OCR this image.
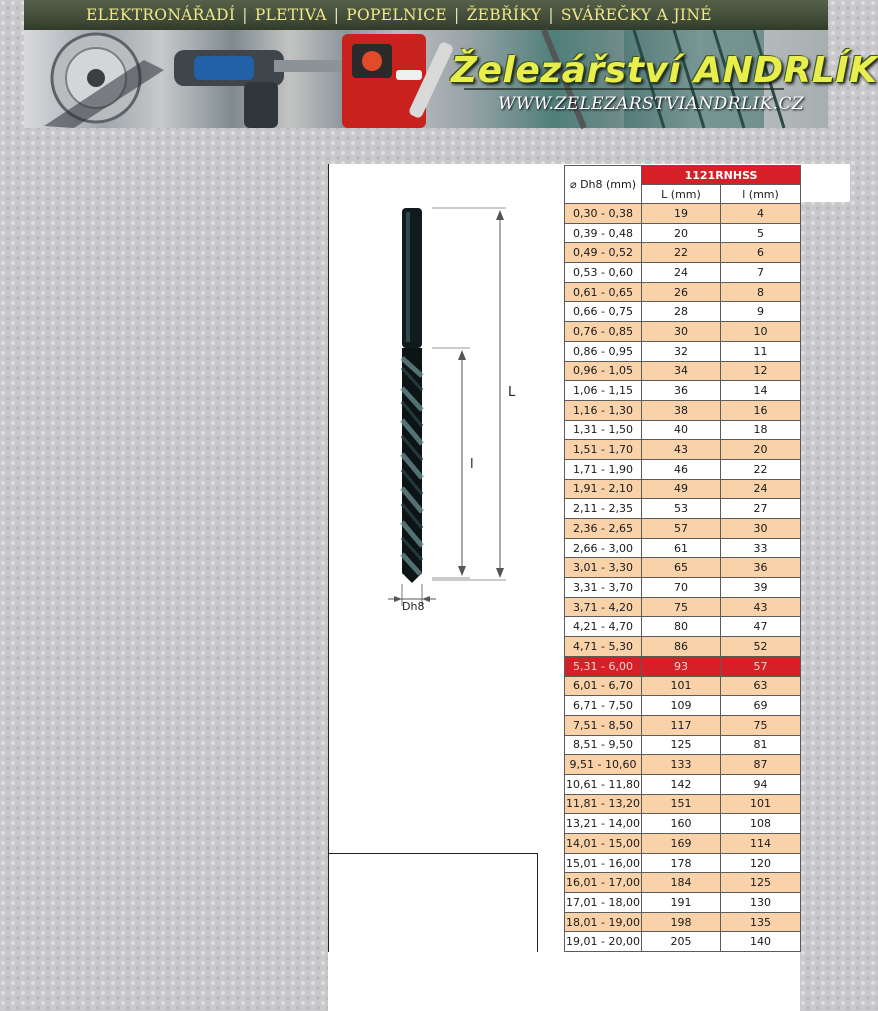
ELEKTRONÁŘADÍ | PLETIVA | POPELNICE | ŽEBŘÍKY | SVÁŘEČKY A JINÉ
Železářství ANDRLÍK
WWW.ZELEZARSTVIANDRLIK.CZ
L
l
Dh8
⌀ Dh8 (mm)	1121RNHSS	
	L (mm)	l (mm)
0,30 - 0,38	19	4
0,39 - 0,48	20	5
0,49 - 0,52	22	6
0,53 - 0,60	24	7
0,61 - 0,65	26	8
0,66 - 0,75	28	9
0,76 - 0,85	30	10
0,86 - 0,95	32	11
0,96 - 1,05	34	12
1,06 - 1,15	36	14
1,16 - 1,30	38	16
1,31 - 1,50	40	18
1,51 - 1,70	43	20
1,71 - 1,90	46	22
1,91 - 2,10	49	24
2,11 - 2,35	53	27
2,36 - 2,65	57	30
2,66 - 3,00	61	33
3,01 - 3,30	65	36
3,31 - 3,70	70	39
3,71 - 4,20	75	43
4,21 - 4,70	80	47
4,71 - 5,30	86	52
5,31 - 6,00	93	57
6,01 - 6,70	101	63
6,71 - 7,50	109	69
7,51 - 8,50	117	75
8,51 - 9,50	125	81
9,51 - 10,60	133	87
10,61 - 11,80	142	94
11,81 - 13,20	151	101
13,21 - 14,00	160	108
14,01 - 15,00	169	114
15,01 - 16,00	178	120
16,01 - 17,00	184	125
17,01 - 18,00	191	130
18,01 - 19,00	198	135
19,01 - 20,00	205	140
